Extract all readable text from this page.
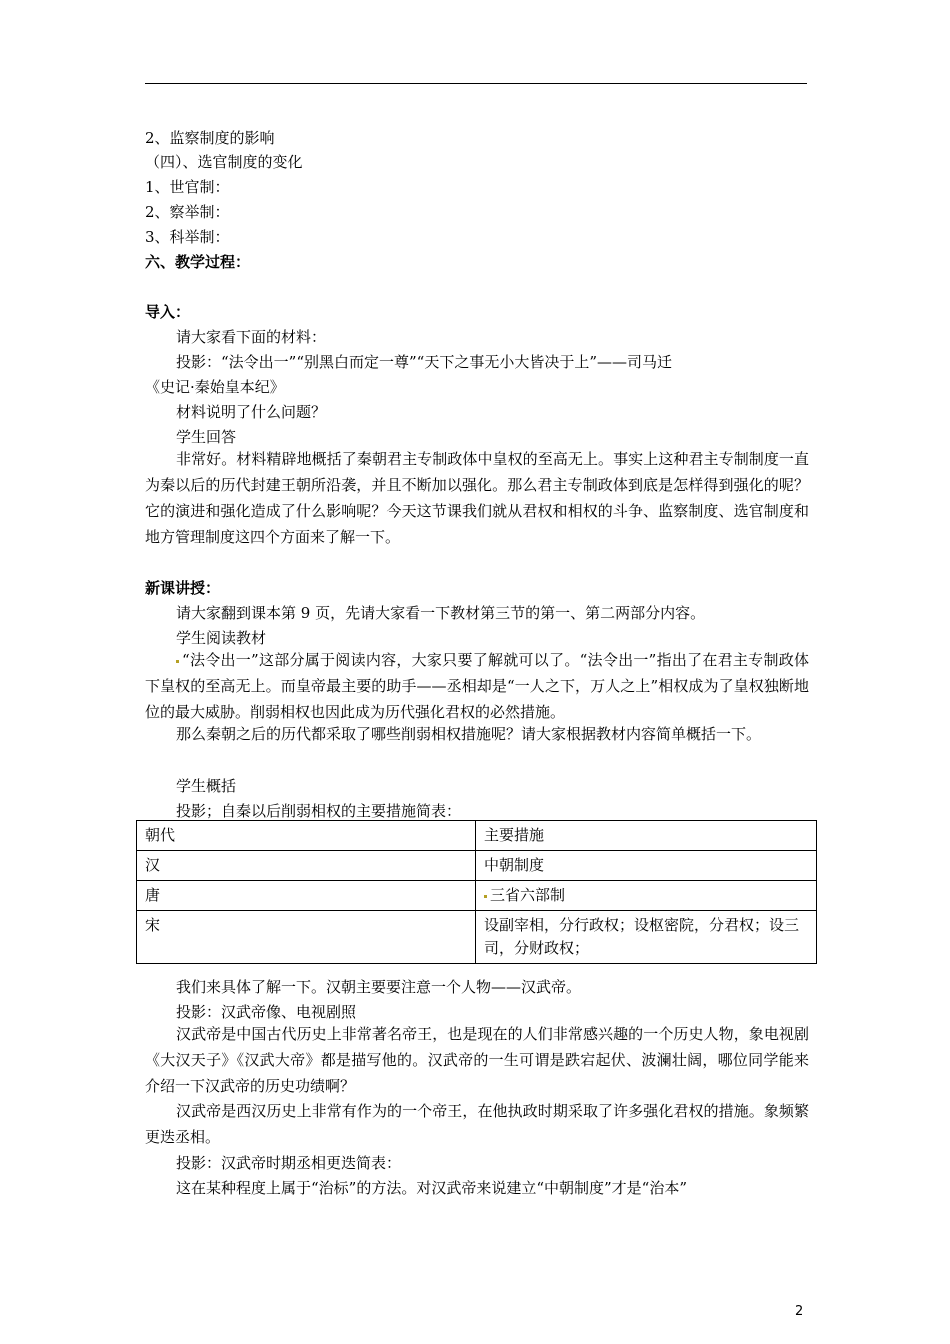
2、监察制度的影响
（四）、选官制度的变化
1、世官制：
2、察举制：
3、科举制：
六、教学过程：
导入：
请大家看下面的材料：
投影：“法令出一”“别黑白而定一尊”“天下之事无小大皆决于上”——司马迁
《史记·秦始皇本纪》
材料说明了什么问题？
学生回答
非常好。材料精辟地概括了秦朝君主专制政体中皇权的至高无上。事实上这种君主专制制度一直为秦以后的历代封建王朝所沿袭，并且不断加以强化。那么君主专制政体到底是怎样得到强化的呢？它的演进和强化造成了什么影响呢？今天这节课我们就从君权和相权的斗争、监察制度、选官制度和地方管理制度这四个方面来了解一下。
新课讲授：
请大家翻到课本第 9 页，先请大家看一下教材第三节的第一、第二两部分内容。
学生阅读教材
“法令出一”这部分属于阅读内容，大家只要了解就可以了。“法令出一”指出了在君主专制政体下皇权的至高无上。而皇帝最主要的助手——丞相却是“一人之下，万人之上”相权成为了皇权独断地位的最大威胁。削弱相权也因此成为历代强化君权的必然措施。
那么秦朝之后的历代都采取了哪些削弱相权措施呢？请大家根据教材内容简单概括一下。
学生概括
投影；自秦以后削弱相权的主要措施简表：
朝代	主要措施
汉	中朝制度
唐	三省六部制
宋	设副宰相，分行政权；设枢密院，分君权；设三司，分财政权；
我们来具体了解一下。汉朝主要要注意一个人物——汉武帝。
投影：汉武帝像、电视剧照
汉武帝是中国古代历史上非常著名帝王，也是现在的人们非常感兴趣的一个历史人物，象电视剧《大汉天子》《汉武大帝》都是描写他的。汉武帝的一生可谓是跌宕起伏、波澜壮阔，哪位同学能来介绍一下汉武帝的历史功绩啊？
汉武帝是西汉历史上非常有作为的一个帝王，在他执政时期采取了许多强化君权的措施。象频繁更迭丞相。
投影：汉武帝时期丞相更迭简表：
这在某种程度上属于“治标”的方法。对汉武帝来说建立“中朝制度”才是“治本”
2
